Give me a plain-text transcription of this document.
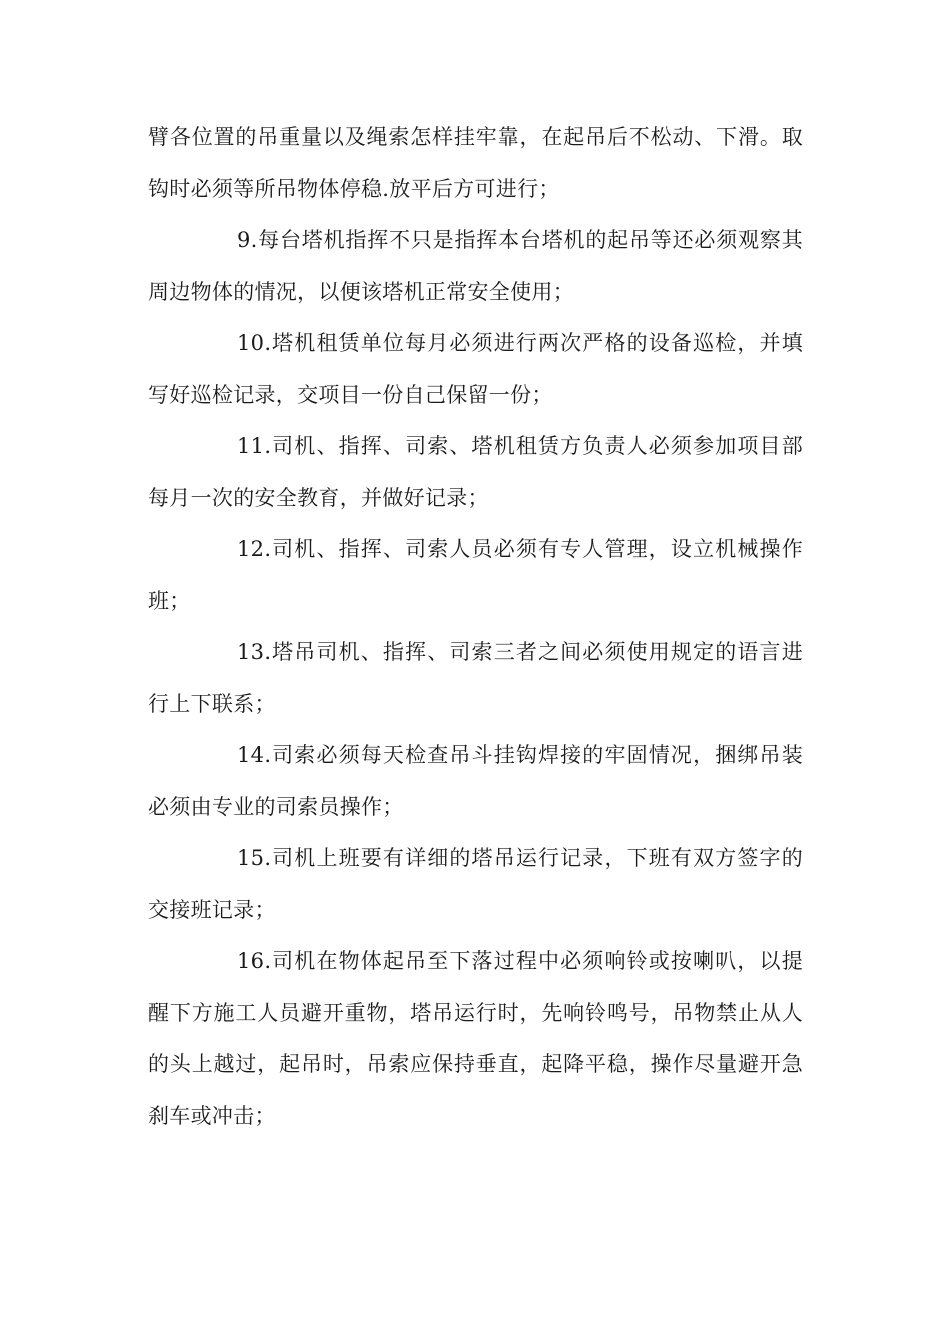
臂各位置的吊重量以及绳索怎样挂牢靠，在起吊后不松动、下滑。取钩时必须等所吊物体停稳.放平后方可进行；

9.每台塔机指挥不只是指挥本台塔机的起吊等还必须观察其周边物体的情况，以便该塔机正常安全使用；

10.塔机租赁单位每月必须进行两次严格的设备巡检，并填写好巡检记录，交项目一份自己保留一份；

11.司机、指挥、司索、塔机租赁方负责人必须参加项目部每月一次的安全教育，并做好记录；

12.司机、指挥、司索人员必须有专人管理，设立机械操作班；

13.塔吊司机、指挥、司索三者之间必须使用规定的语言进行上下联系；

14.司索必须每天检查吊斗挂钩焊接的牢固情况，捆绑吊装必须由专业的司索员操作；

15.司机上班要有详细的塔吊运行记录，下班有双方签字的交接班记录；

16.司机在物体起吊至下落过程中必须响铃或按喇叭，以提醒下方施工人员避开重物，塔吊运行时，先响铃鸣号，吊物禁止从人的头上越过，起吊时，吊索应保持垂直，起降平稳，操作尽量避开急刹车或冲击；
